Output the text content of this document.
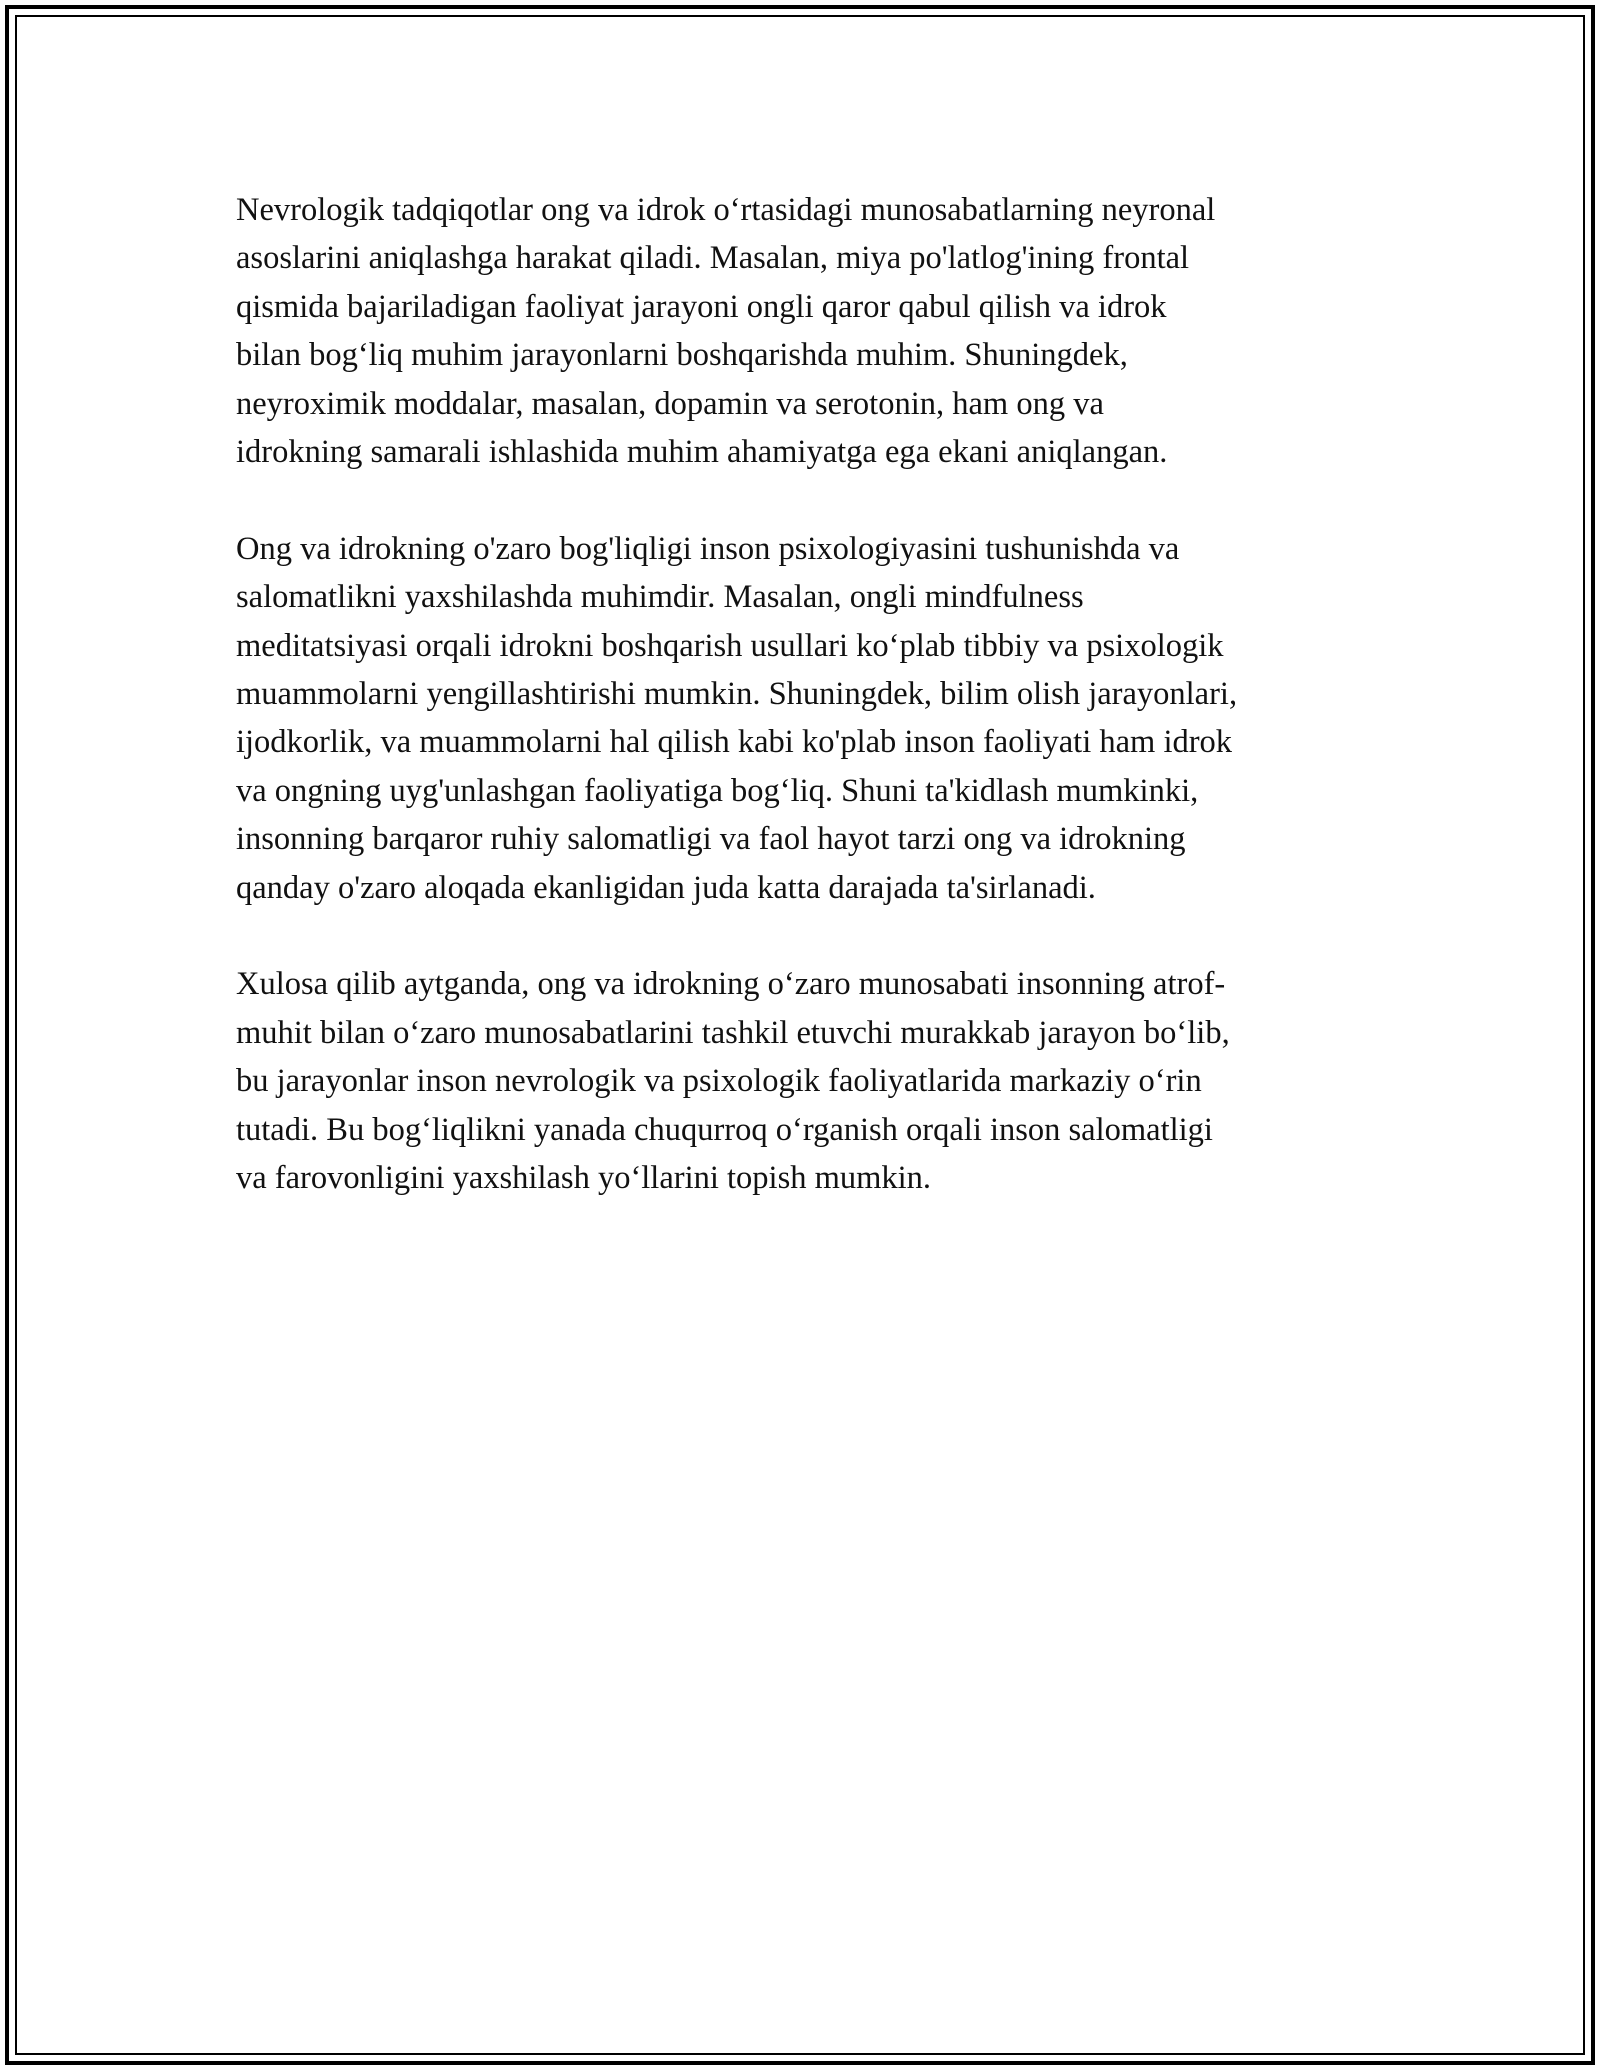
Nevrologik tadqiqotlar ong va idrok o‘rtasidagi munosabatlarning neyronal
asoslarini aniqlashga harakat qiladi. Masalan, miya po'latlog'ining frontal
qismida bajariladigan faoliyat jarayoni ongli qaror qabul qilish va idrok
bilan bog‘liq muhim jarayonlarni boshqarishda muhim. Shuningdek,
neyroximik moddalar, masalan, dopamin va serotonin, ham ong va
idrokning samarali ishlashida muhim ahamiyatga ega ekani aniqlangan.

Ong va idrokning o'zaro bog'liqligi inson psixologiyasini tushunishda va
salomatlikni yaxshilashda muhimdir. Masalan, ongli mindfulness
meditatsiyasi orqali idrokni boshqarish usullari ko‘plab tibbiy va psixologik
muammolarni yengillashtirishi mumkin. Shuningdek, bilim olish jarayonlari,
ijodkorlik, va muammolarni hal qilish kabi ko'plab inson faoliyati ham idrok
va ongning uyg'unlashgan faoliyatiga bog‘liq. Shuni ta'kidlash mumkinki,
insonning barqaror ruhiy salomatligi va faol hayot tarzi ong va idrokning
qanday o'zaro aloqada ekanligidan juda katta darajada ta'sirlanadi.

Xulosa qilib aytganda, ong va idrokning o‘zaro munosabati insonning atrof-
muhit bilan o‘zaro munosabatlarini tashkil etuvchi murakkab jarayon bo‘lib,
bu jarayonlar inson nevrologik va psixologik faoliyatlarida markaziy o‘rin
tutadi. Bu bog‘liqlikni yanada chuqurroq o‘rganish orqali inson salomatligi
va farovonligini yaxshilash yo‘llarini topish mumkin.
